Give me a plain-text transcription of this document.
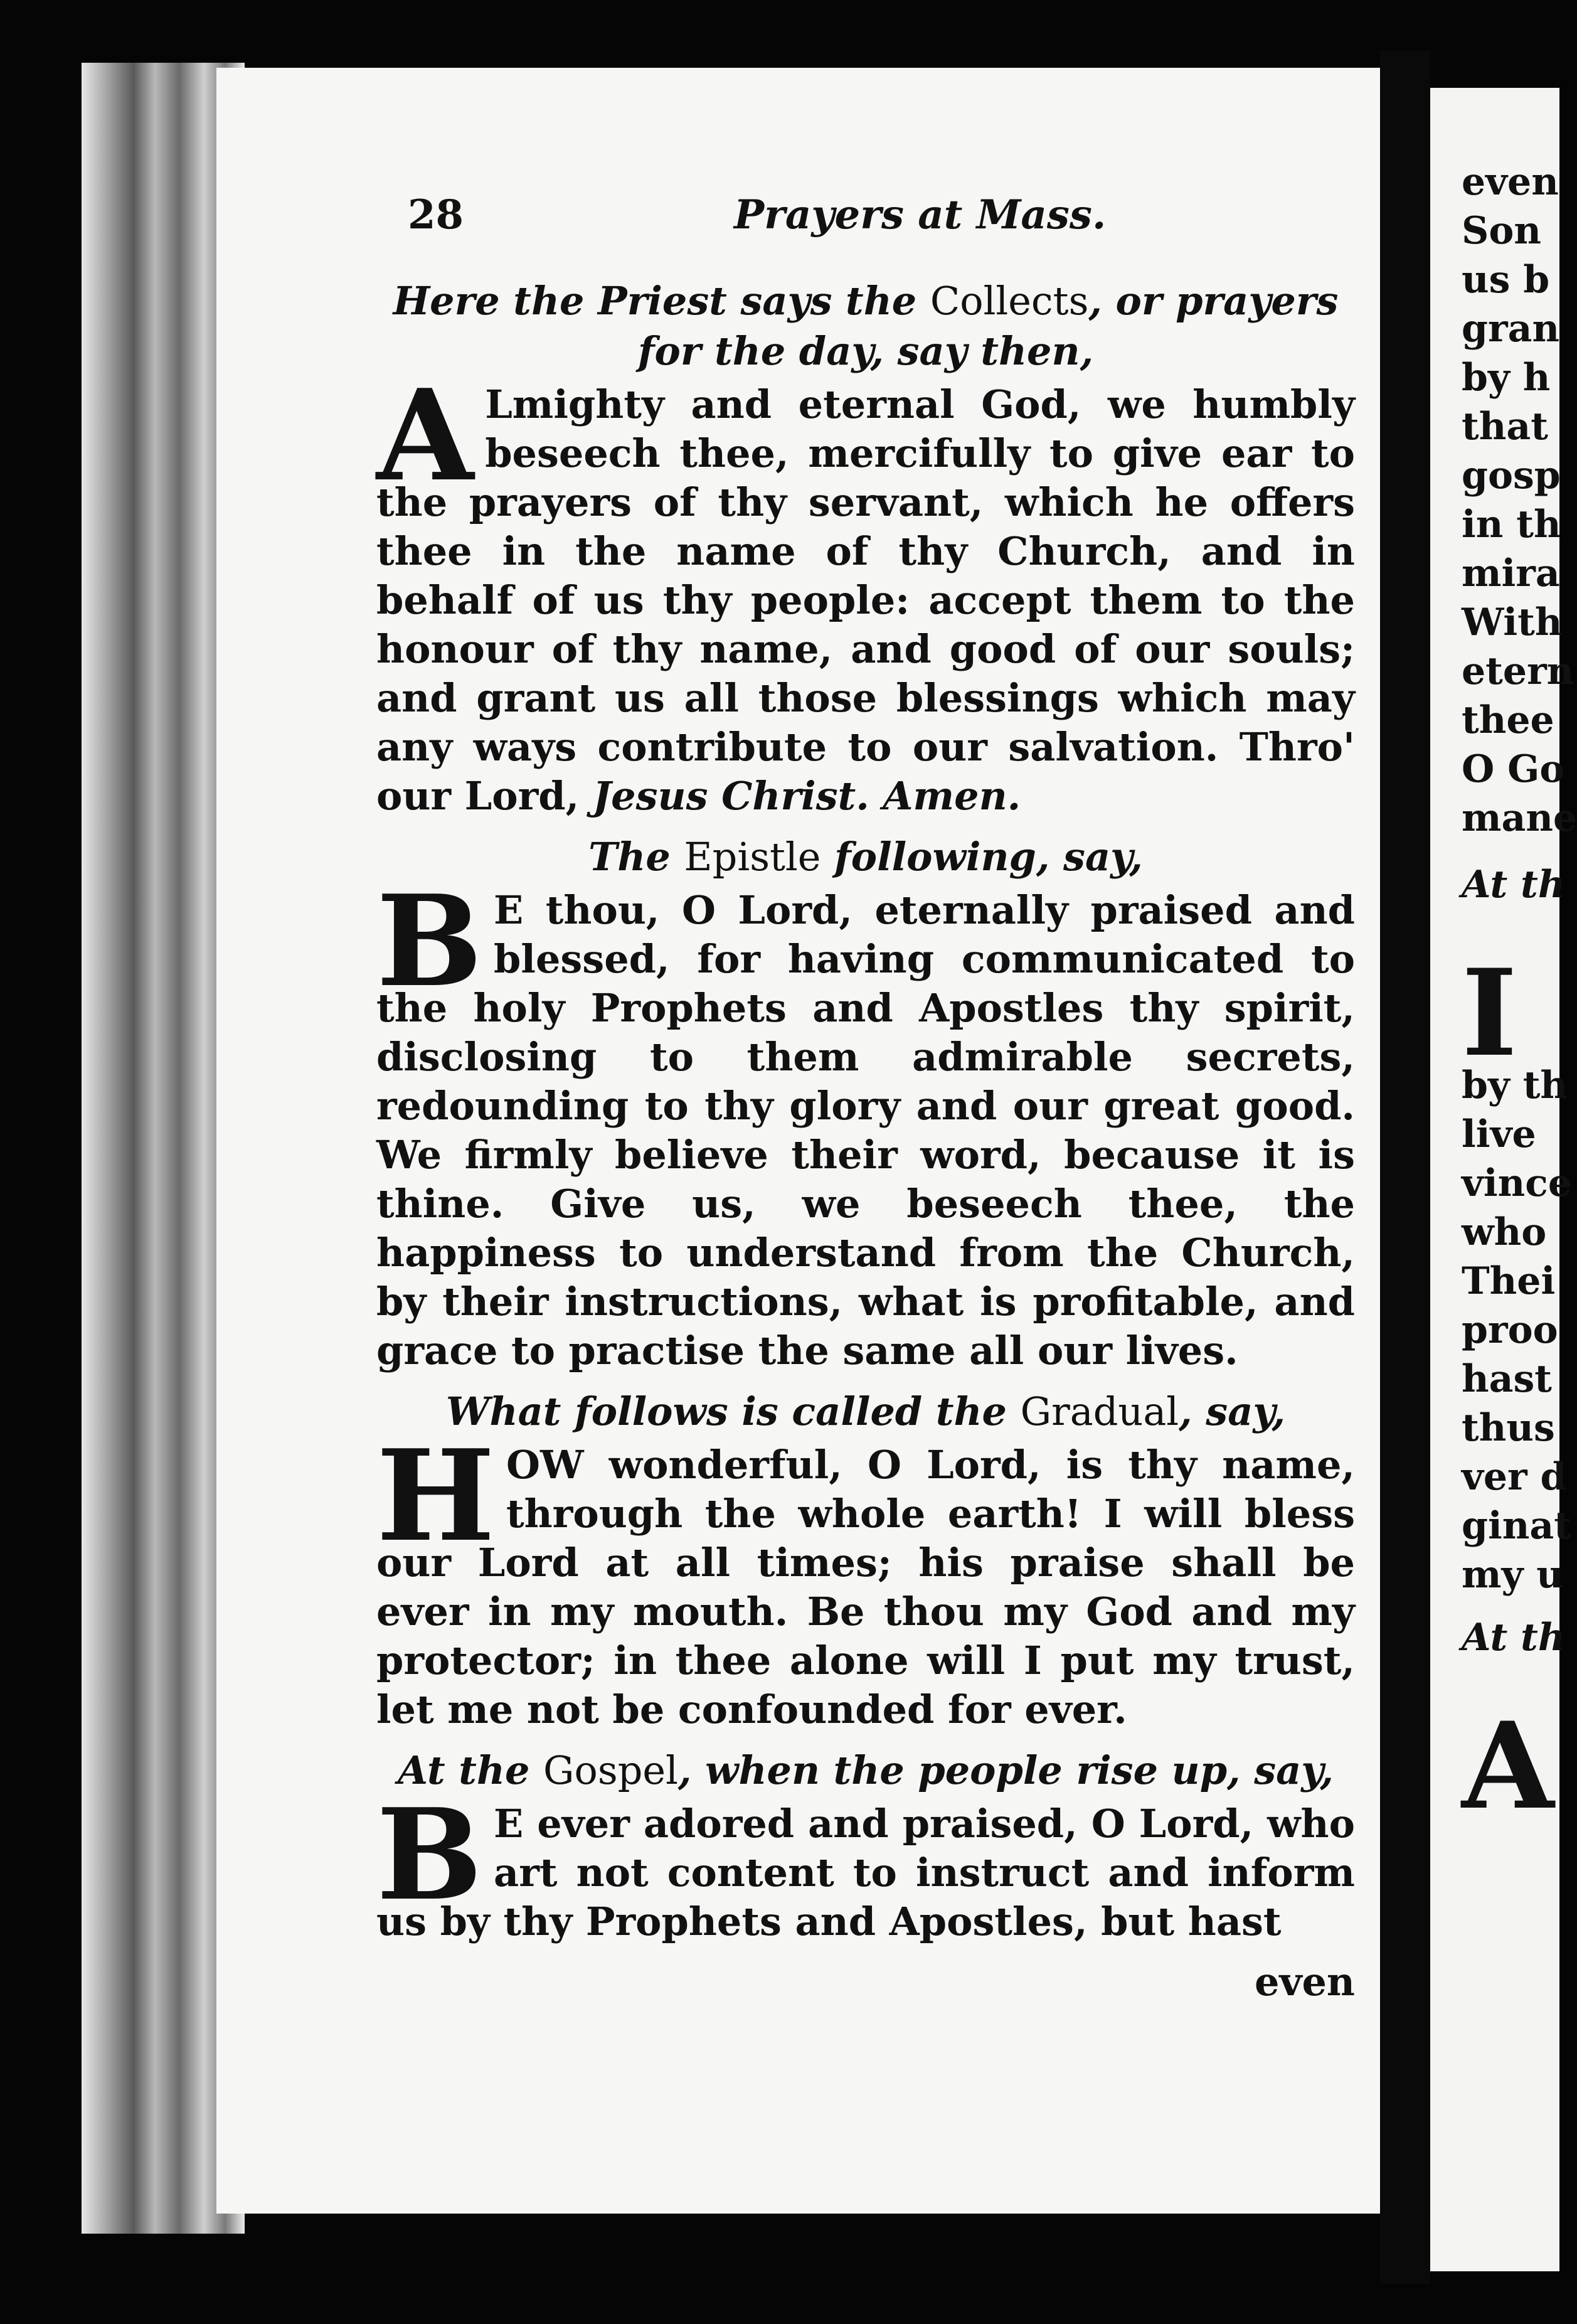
even
Son
us b
gran
by h
that
gosp
in th
mira
With
etern
thee
O Go
mane
At th
I
by th
live
vince
who
Thei
proo
hast
thus
ver d
ginat
my u
At th
A
28	Prayers at Mass.

Here the Priest says the Collects, or prayers for the day, say then,

A Lmighty and eternal God, we humbly beseech thee, mercifully to give ear to the prayers of thy servant, which he offers thee in the name of thy Church, and in behalf of us thy people: accept them to the honour of thy name, and good of our souls; and grant us all those blessings which may any ways contribute to our salvation. Thro' our Lord, Jesus Christ. Amen.

The Epistle following, say,

B E thou, O Lord, eternally praised and blessed, for having communicated to the holy Prophets and Apostles thy spirit, disclosing to them admirable secrets, redounding to thy glory and our great good. We firmly believe their word, because it is thine. Give us, we beseech thee, the happiness to understand from the Church, by their instructions, what is profitable, and grace to practise the same all our lives.

What follows is called the Gradual, say,

HOW wonderful, O Lord, is thy name, through the whole earth! I will bless our Lord at all times; his praise shall be ever in my mouth. Be thou my God and my protector; in thee alone will I put my trust, let me not be confounded for ever.

At the Gospel, when the people rise up, say,

B E ever adored and praised, O Lord, who art not content to instruct and inform us by thy Prophets and Apostles, but hast

even
